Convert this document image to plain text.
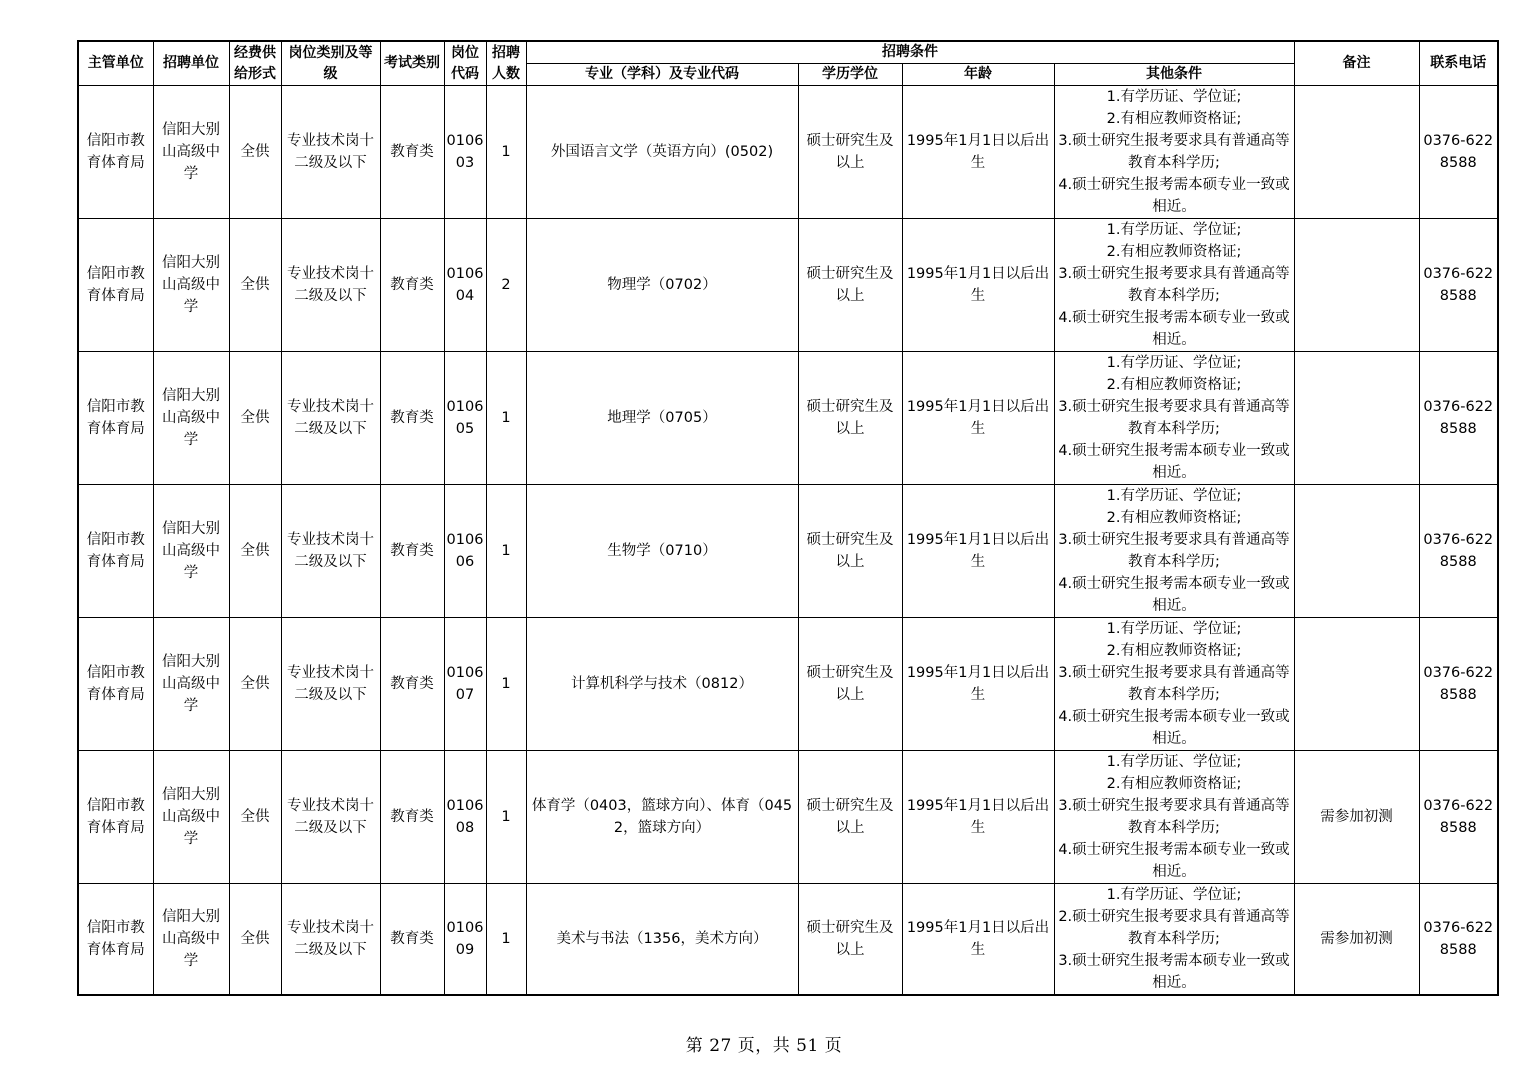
主管单位	招聘单位	经费供给形式	岗位类别及等级	考试类别	岗位代码	招聘人数	招聘条件				备注	联系电话
							专业（学科）及专业代码	学历学位	年龄	其他条件		
信阳市教育体育局	信阳大别山高级中学	全供	专业技术岗十二级及以下	教育类	010603	1	外国语言文学（英语方向）(0502)	硕士研究生及以上	1995年1月1日以后出生	1.有学历证、学位证;
2.有相应教师资格证;
3.硕士研究生报考要求具有普通高等教育本科学历;
4.硕士研究生报考需本硕专业一致或相近。		0376-6228588
信阳市教育体育局	信阳大别山高级中学	全供	专业技术岗十二级及以下	教育类	010604	2	物理学（0702）	硕士研究生及以上	1995年1月1日以后出生	1.有学历证、学位证;
2.有相应教师资格证;
3.硕士研究生报考要求具有普通高等教育本科学历;
4.硕士研究生报考需本硕专业一致或相近。		0376-6228588
信阳市教育体育局	信阳大别山高级中学	全供	专业技术岗十二级及以下	教育类	010605	1	地理学（0705）	硕士研究生及以上	1995年1月1日以后出生	1.有学历证、学位证;
2.有相应教师资格证;
3.硕士研究生报考要求具有普通高等教育本科学历;
4.硕士研究生报考需本硕专业一致或相近。		0376-6228588
信阳市教育体育局	信阳大别山高级中学	全供	专业技术岗十二级及以下	教育类	010606	1	生物学（0710）	硕士研究生及以上	1995年1月1日以后出生	1.有学历证、学位证;
2.有相应教师资格证;
3.硕士研究生报考要求具有普通高等教育本科学历;
4.硕士研究生报考需本硕专业一致或相近。		0376-6228588
信阳市教育体育局	信阳大别山高级中学	全供	专业技术岗十二级及以下	教育类	010607	1	计算机科学与技术（0812）	硕士研究生及以上	1995年1月1日以后出生	1.有学历证、学位证;
2.有相应教师资格证;
3.硕士研究生报考要求具有普通高等教育本科学历;
4.硕士研究生报考需本硕专业一致或相近。		0376-6228588
信阳市教育体育局	信阳大别山高级中学	全供	专业技术岗十二级及以下	教育类	010608	1	体育学（0403，篮球方向）、体育（0452，篮球方向）	硕士研究生及以上	1995年1月1日以后出生	1.有学历证、学位证;
2.有相应教师资格证;
3.硕士研究生报考要求具有普通高等教育本科学历;
4.硕士研究生报考需本硕专业一致或相近。	需参加初测	0376-6228588
信阳市教育体育局	信阳大别山高级中学	全供	专业技术岗十二级及以下	教育类	010609	1	美术与书法（1356，美术方向）	硕士研究生及以上	1995年1月1日以后出生	1.有学历证、学位证;
2.硕士研究生报考要求具有普通高等教育本科学历;
3.硕士研究生报考需本硕专业一致或相近。	需参加初测	0376-6228588
第 27 页，共 51 页
